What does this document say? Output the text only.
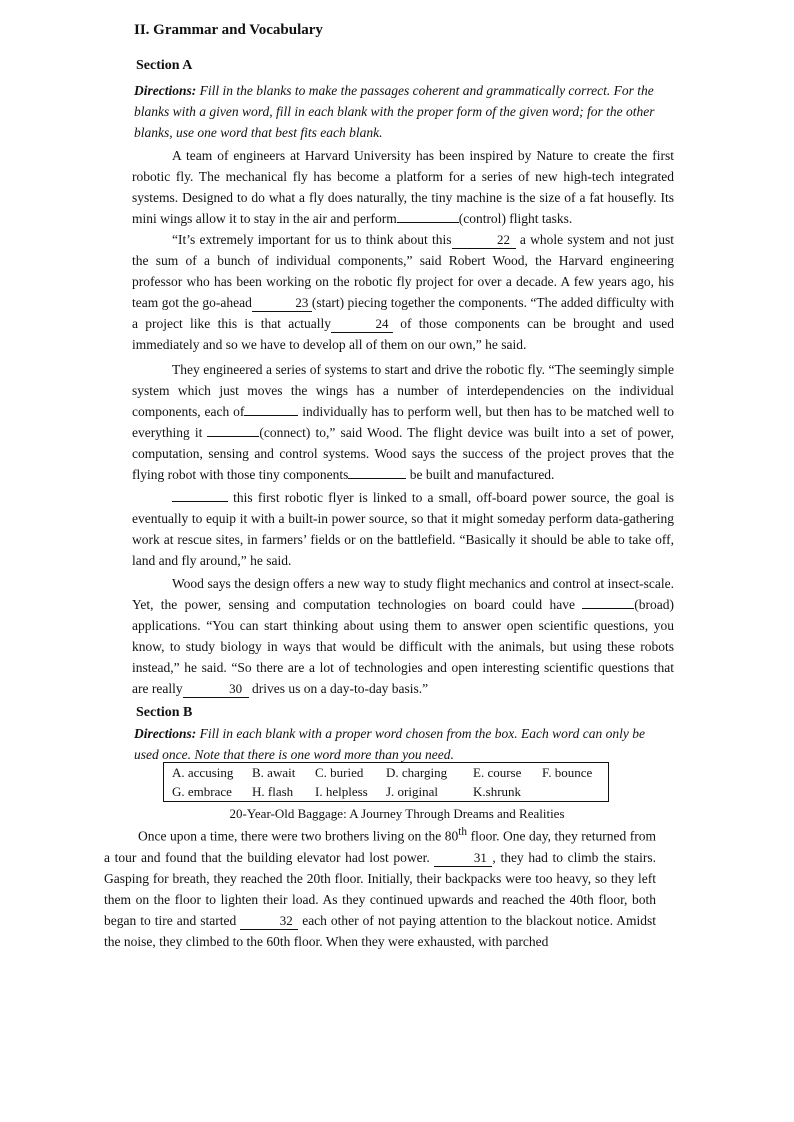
II. Grammar and Vocabulary
Section A
Directions: Fill in the blanks to make the passages coherent and grammatically correct. For the blanks with a given word, fill in each blank with the proper form of the given word; for the other blanks, use one word that best fits each blank.

A team of engineers at Harvard University has been inspired by Nature to create the first robotic fly. The mechanical fly has become a platform for a series of new high-tech integrated systems. Designed to do what a fly does naturally, the tiny machine is the size of a fat housefly. Its mini wings allow it to stay in the air and perform	(control) flight tasks.

“It’s extremely important for us to think about this	22 a whole system and not just the sum of a bunch of individual components,” said Robert Wood, the Harvard engineering professor who has been working on the robotic fly project for over a decade. A few years ago, his team got the go-ahead	23 (start) piecing together the components. “The added difficulty with a project like this is that actually	24 of those components can be brought and used immediately and so we have to develop all of them on our own,” he said.

They engineered a series of systems to start and drive the robotic fly. “The seemingly simple system which just moves the wings has a number of interdependencies on the individual components, each of	individually has to perform well, but then has to be matched well to everything it	(connect) to,” said Wood. The flight device was built into a set of power, computation, sensing and control systems. Wood says the success of the project proves that the flying robot with those tiny components	be built and manufactured.

this first robotic flyer is linked to a small, off-board power source, the goal is eventually to equip it with a built-in power source, so that it might someday perform data-gathering work at rescue sites, in farmers’ fields or on the battlefield. “Basically it should be able to take off, land and fly around,” he said.

Wood says the design offers a new way to study flight mechanics and control at insect-scale. Yet, the power, sensing and computation technologies on board could have	(broad) applications. “You can start thinking about using them to answer open scientific questions, you know, to study biology in ways that would be difficult with the animals, but using these robots instead,” he said. “So there are a lot of technologies and open interesting scientific questions that are really	30 drives us on a day-to-day basis.”

Section B
Directions: Fill in each blank with a proper word chosen from the box. Each word can only be used once. Note that there is one word more than you need.
A. accusing B. await C. buried D. charging E. course F. bounce
G. embrace H. flash I. helpless J. original	K.shrunk
20-Year-Old Baggage: A Journey Through Dreams and Realities

Once upon a time, there were two brothers living on the 80th floor. One day, they returned from a tour and found that the building elevator had lost power.	31 , they had to climb the stairs. Gasping for breath, they reached the 20th floor. Initially, their backpacks were too heavy, so they left them on the floor to lighten their load. As they continued upwards and reached the 40th floor, both began to tire and started	32 each other of not paying attention to the blackout notice. Amidst the noise, they climbed to the 60th floor. When they were exhausted, with parched
